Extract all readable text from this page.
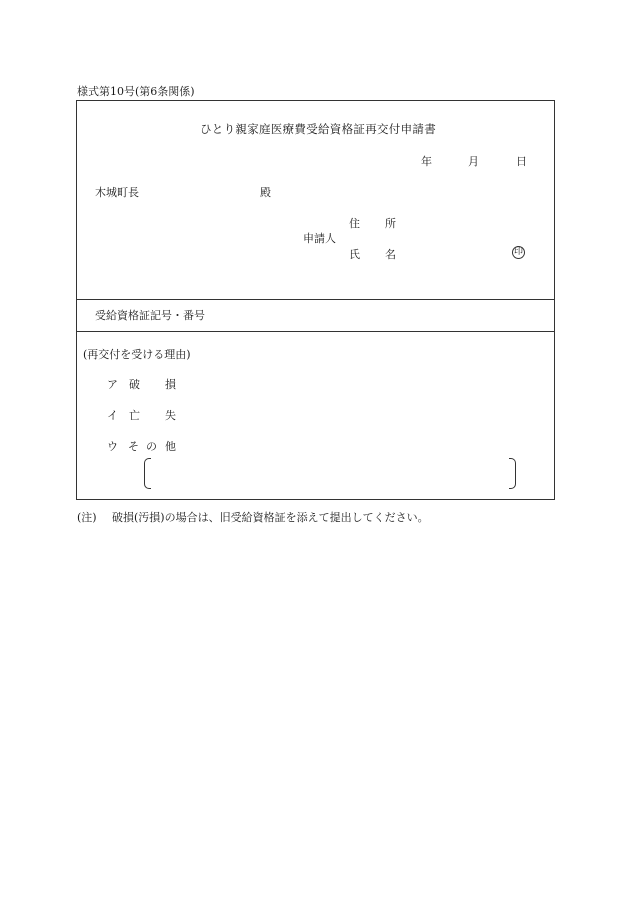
様式第10号(第6条関係)
ひとり親家庭医療費受給資格証再交付申請書
年	月	日
木城町長	殿
申請人
住 所
氏 名	印
受給資格証記号・番号
(再交付を受ける理由)
ア 破 損
イ 亡 失
ウ そ の 他
(注) 破損(汚損)の場合は、旧受給資格証を添えて提出してください。
